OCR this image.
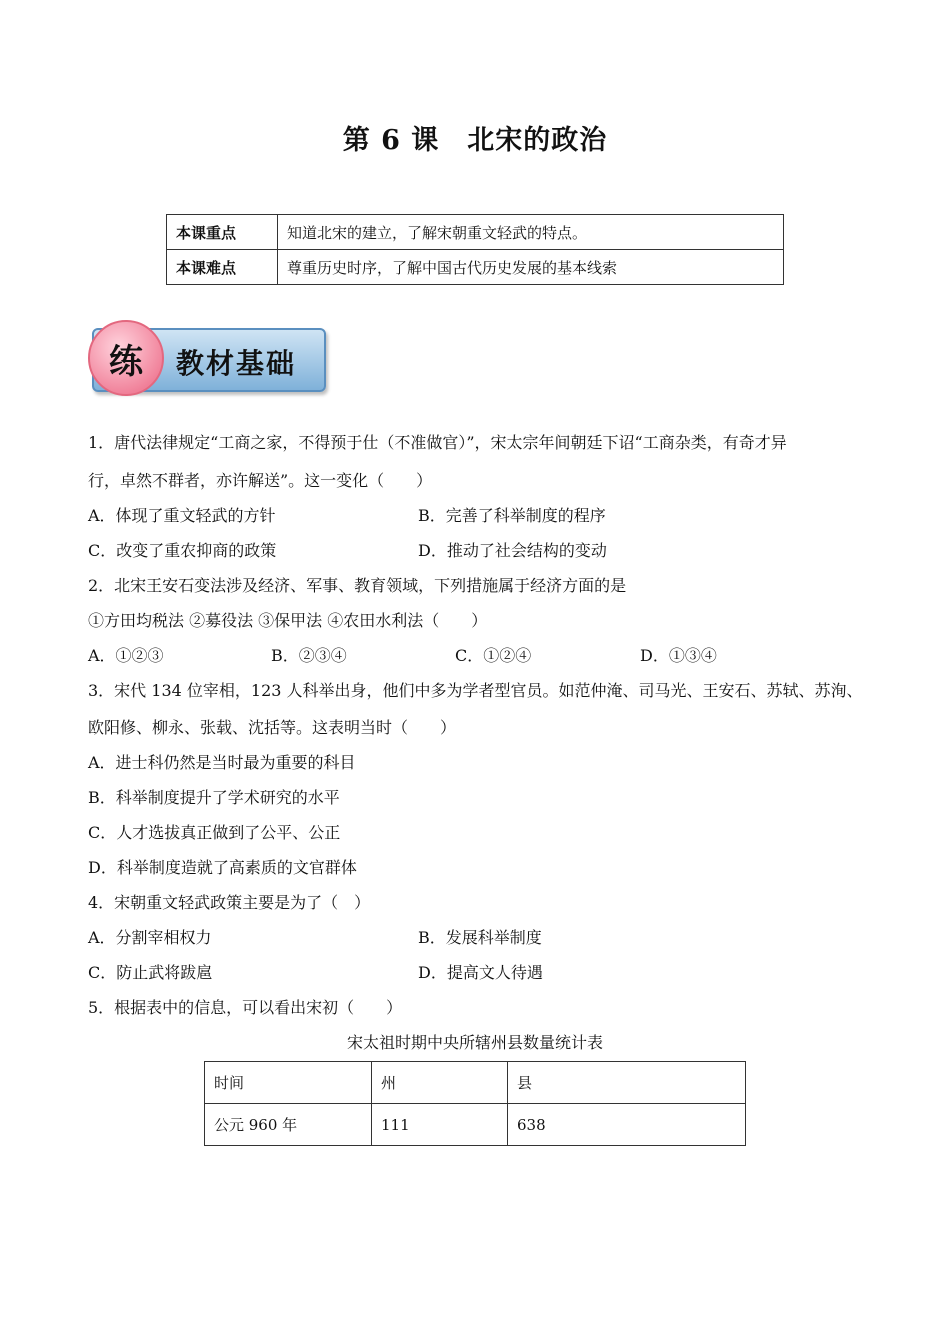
第 6 课　北宋的政治
本课重点	知道北宋的建立，了解宋朝重文轻武的特点。
本课难点	尊重历史时序，了解中国古代历史发展的基本线索
练	教材基础
1．唐代法律规定“工商之家，不得预于仕（不准做官）”，宋太宗年间朝廷下诏“工商杂类，有奇才异
行，卓然不群者，亦许解送”。这一变化（　　）
A．体现了重文轻武的方针	B．完善了科举制度的程序
C．改变了重农抑商的政策	D．推动了社会结构的变动
2．北宋王安石变法涉及经济、军事、教育领域，下列措施属于经济方面的是
①方田均税法 ②募役法 ③保甲法 ④农田水利法（　　）
A．①②③	B．②③④	C．①②④	D．①③④
3．宋代 134 位宰相，123 人科举出身，他们中多为学者型官员。如范仲淹、司马光、王安石、苏轼、苏洵、
欧阳修、柳永、张载、沈括等。这表明当时（　　）
A．进士科仍然是当时最为重要的科目
B．科举制度提升了学术研究的水平
C．人才选拔真正做到了公平、公正
D．科举制度造就了高素质的文官群体
4．宋朝重文轻武政策主要是为了（　）
A．分割宰相权力	B．发展科举制度
C．防止武将跋扈	D．提高文人待遇
5．根据表中的信息，可以看出宋初（　　）
宋太祖时期中央所辖州县数量统计表
时间	州	县
公元 960 年	111	638
